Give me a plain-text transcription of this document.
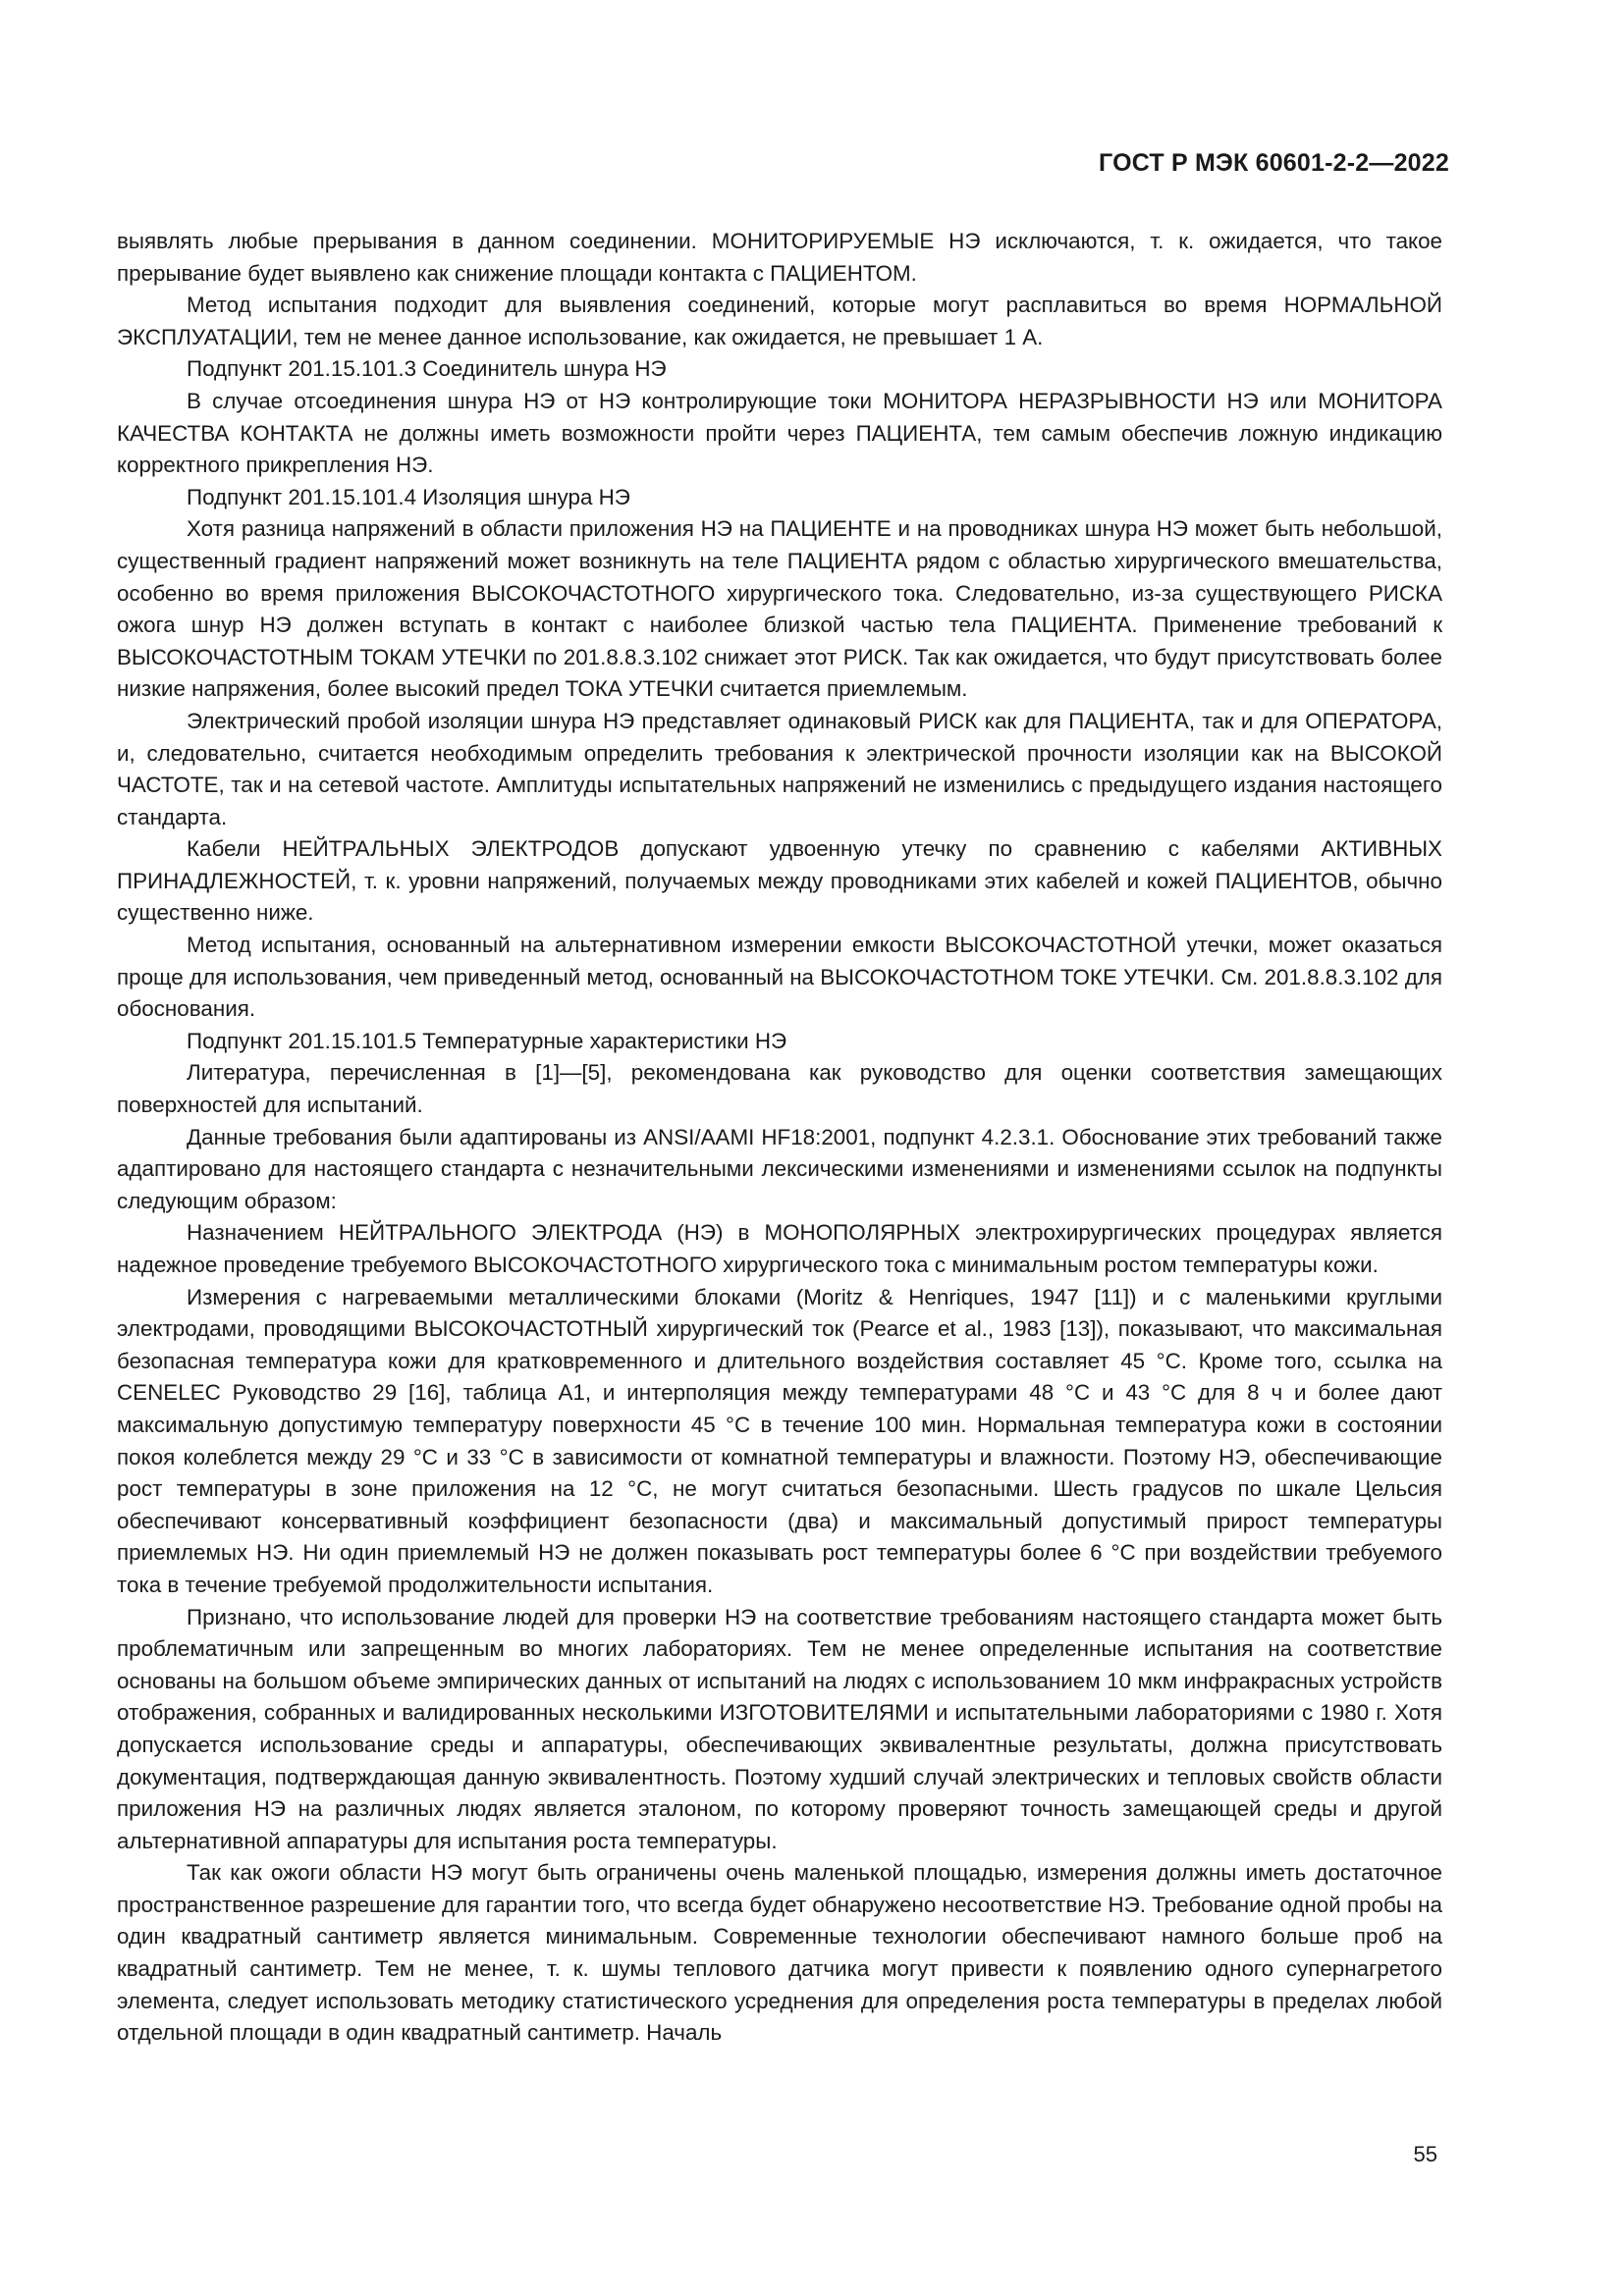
ГОСТ Р МЭК 60601-2-2—2022

выявлять любые прерывания в данном соединении. МОНИТОРИРУЕМЫЕ НЭ исключаются, т. к. ожидается, что такое прерывание будет выявлено как снижение площади контакта с ПАЦИЕНТОМ.

Метод испытания подходит для выявления соединений, которые могут расплавиться во время НОРМАЛЬНОЙ ЭКСПЛУАТАЦИИ, тем не менее данное использование, как ожидается, не превышает 1 А.

Подпункт 201.15.101.3 Соединитель шнура НЭ

В случае отсоединения шнура НЭ от НЭ контролирующие токи МОНИТОРА НЕРАЗРЫВНОСТИ НЭ или МОНИТОРА КАЧЕСТВА КОНТАКТА не должны иметь возможности пройти через ПАЦИЕНТА, тем самым обеспечив ложную индикацию корректного прикрепления НЭ.

Подпункт 201.15.101.4 Изоляция шнура НЭ

Хотя разница напряжений в области приложения НЭ на ПАЦИЕНТЕ и на проводниках шнура НЭ может быть небольшой, существенный градиент напряжений может возникнуть на теле ПАЦИЕНТА рядом с областью хирургического вмешательства, особенно во время приложения ВЫСОКОЧАСТОТНОГО хирургического тока. Следовательно, из-за существующего РИСКА ожога шнур НЭ должен вступать в контакт с наиболее близкой частью тела ПАЦИЕНТА. Применение требований к ВЫСОКОЧАСТОТНЫМ ТОКАМ УТЕЧКИ по 201.8.8.3.102 снижает этот РИСК. Так как ожидается, что будут присутствовать более низкие напряжения, более высокий предел ТОКА УТЕЧКИ считается приемлемым.

Электрический пробой изоляции шнура НЭ представляет одинаковый РИСК как для ПАЦИЕНТА, так и для ОПЕРАТОРА, и, следовательно, считается необходимым определить требования к электрической прочности изоляции как на ВЫСОКОЙ ЧАСТОТЕ, так и на сетевой частоте. Амплитуды испытательных напряжений не изменились с предыдущего издания настоящего стандарта.

Кабели НЕЙТРАЛЬНЫХ ЭЛЕКТРОДОВ допускают удвоенную утечку по сравнению с кабелями АКТИВНЫХ ПРИНАДЛЕЖНОСТЕЙ, т. к. уровни напряжений, получаемых между проводниками этих кабелей и кожей ПАЦИЕНТОВ, обычно существенно ниже.

Метод испытания, основанный на альтернативном измерении емкости ВЫСОКОЧАСТОТНОЙ утечки, может оказаться проще для использования, чем приведенный метод, основанный на ВЫСОКОЧАСТОТНОМ ТОКЕ УТЕЧКИ. См. 201.8.8.3.102 для обоснования.

Подпункт 201.15.101.5 Температурные характеристики НЭ

Литература, перечисленная в [1]—[5], рекомендована как руководство для оценки соответствия замещающих поверхностей для испытаний.

Данные требования были адаптированы из ANSI/AAMI HF18:2001, подпункт 4.2.3.1. Обоснование этих требований также адаптировано для настоящего стандарта с незначительными лексическими изменениями и изменениями ссылок на подпункты следующим образом:

Назначением НЕЙТРАЛЬНОГО ЭЛЕКТРОДА (НЭ) в МОНОПОЛЯРНЫХ электрохирургических процедурах является надежное проведение требуемого ВЫСОКОЧАСТОТНОГО хирургического тока с минимальным ростом температуры кожи.

Измерения с нагреваемыми металлическими блоками (Moritz & Henriques, 1947 [11]) и с маленькими круглыми электродами, проводящими ВЫСОКОЧАСТОТНЫЙ хирургический ток (Pearce et al., 1983 [13]), показывают, что максимальная безопасная температура кожи для кратковременного и длительного воздействия составляет 45 °С. Кроме того, ссылка на CENELEC Руководство 29 [16], таблица А1, и интерполяция между температурами 48 °С и 43 °С для 8 ч и более дают максимальную допустимую температуру поверхности 45 °С в течение 100 мин. Нормальная температура кожи в состоянии покоя колеблется между 29 °С и 33 °С в зависимости от комнатной температуры и влажности. Поэтому НЭ, обеспечивающие рост температуры в зоне приложения на 12 °С, не могут считаться безопасными. Шесть градусов по шкале Цельсия обеспечивают консервативный коэффициент безопасности (два) и максимальный допустимый прирост температуры приемлемых НЭ. Ни один приемлемый НЭ не должен показывать рост температуры более 6 °С при воздействии требуемого тока в течение требуемой продолжительности испытания.

Признано, что использование людей для проверки НЭ на соответствие требованиям настоящего стандарта может быть проблематичным или запрещенным во многих лабораториях. Тем не менее определенные испытания на соответствие основаны на большом объеме эмпирических данных от испытаний на людях с использованием 10 мкм инфракрасных устройств отображения, собранных и валидированных несколькими ИЗГОТОВИТЕЛЯМИ и испытательными лабораториями с 1980 г. Хотя допускается использование среды и аппаратуры, обеспечивающих эквивалентные результаты, должна присутствовать документация, подтверждающая данную эквивалентность. Поэтому худший случай электрических и тепловых свойств области приложения НЭ на различных людях является эталоном, по которому проверяют точность замещающей среды и другой альтернативной аппаратуры для испытания роста температуры.

Так как ожоги области НЭ могут быть ограничены очень маленькой площадью, измерения должны иметь достаточное пространственное разрешение для гарантии того, что всегда будет обнаружено несоответствие НЭ. Требование одной пробы на один квадратный сантиметр является минимальным. Современные технологии обеспечивают намного больше проб на квадратный сантиметр. Тем не менее, т. к. шумы теплового датчика могут привести к появлению одного супернагретого элемента, следует использовать методику статистического усреднения для определения роста температуры в пределах любой отдельной площади в один квадратный сантиметр. Началь

55
